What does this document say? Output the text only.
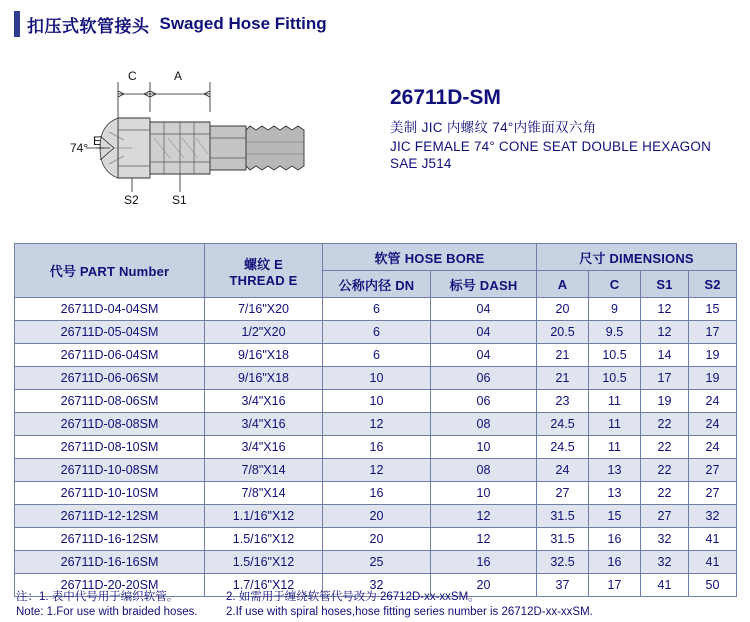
扣压式软管接头 Swaged Hose Fitting
C	A
74° E
S2	S1
26711D-SM
美制 JIC 内螺纹 74°内锥面双六角
JIC FEMALE 74° CONE SEAT DOUBLE HEXAGON
SAE J514
代号 PART Number	螺纹 E
THREAD E	软管 HOSE BORE		尺寸 DIMENSIONS			
		公称内径 DN	标号 DASH	A	C	S1	S2
26711D-04-04SM	7/16"X20	6	04	20	9	12	15
26711D-05-04SM	1/2"X20	6	04	20.5	9.5	12	17
26711D-06-04SM	9/16"X18	6	04	21	10.5	14	19
26711D-06-06SM	9/16"X18	10	06	21	10.5	17	19
26711D-08-06SM	3/4"X16	10	06	23	11	19	24
26711D-08-08SM	3/4"X16	12	08	24.5	11	22	24
26711D-08-10SM	3/4"X16	16	10	24.5	11	22	24
26711D-10-08SM	7/8"X14	12	08	24	13	22	27
26711D-10-10SM	7/8"X14	16	10	27	13	22	27
26711D-12-12SM	1.1/16"X12	20	12	31.5	15	27	32
26711D-16-12SM	1.5/16"X12	20	12	31.5	16	32	41
26711D-16-16SM	1.5/16"X12	25	16	32.5	16	32	41
26711D-20-20SM	1.7/16"X12	32	20	37	17	41	50
注：1. 表中代号用于编织软管。	2. 如需用于缠绕软管代号改为 26712D-xx-xxSM。
Note: 1.For use with braided hoses.	2.If use with spiral hoses,hose fitting series number is 26712D-xx-xxSM.
